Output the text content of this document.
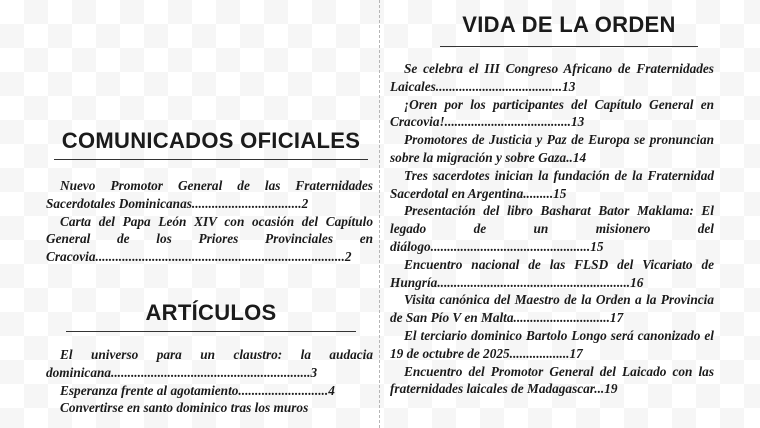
VIDA DE LA ORDEN
Se celebra el III Congreso Africano de Fraternidades Laicales......................................13
¡Oren por los participantes del Capítulo General en Cracovia!......................................13
Promotores de Justicia y Paz de Europa se pronuncian sobre la migración y sobre Gaza..14
Tres sacerdotes inician la fundación de la Fraternidad Sacerdotal en Argentina.........15
Presentación del libro Basharat Bator Maklama: El legado de un misionero del diálogo................................................15
Encuentro nacional de las FLSD del Vicariato de Hungría..........................................................16
Visita canónica del Maestro de la Orden a la Provincia de San Pío V en Malta.............................17
El terciario dominico Bartolo Longo será canonizado el 19 de octubre de 2025..................17
Encuentro del Promotor General del Laicado con las fraternidades laicales de Madagascar...19
COMUNICADOS OFICIALES
Nuevo Promotor General de las Fraternidades Sacerdotales Dominicanas.................................2
Carta del Papa León XIV con ocasión del Capítulo General de los Priores Provinciales en Cracovia...........................................................................2
ARTÍCULOS
El universo para un claustro: la audacia dominicana............................................................3
Esperanza frente al agotamiento...........................4
Convertirse en santo dominico tras los muros
